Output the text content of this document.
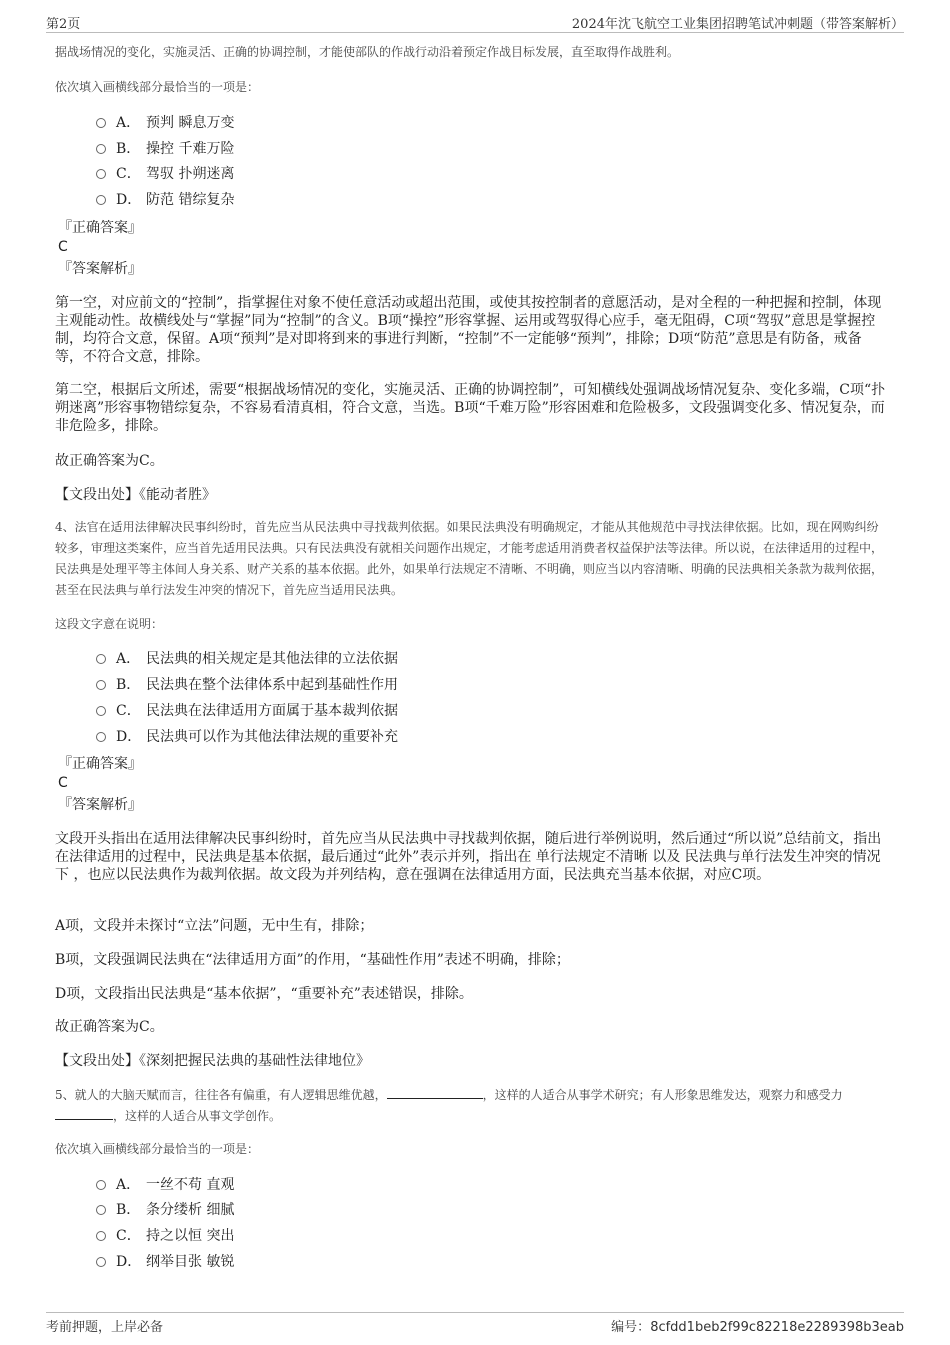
第2页	2024年沈飞航空工业集团招聘笔试冲刺题（带答案解析）
据战场情况的变化，实施灵活、正确的协调控制，才能使部队的作战行动沿着预定作战目标发展，直至取得作战胜利。
依次填入画横线部分最恰当的一项是：
A． 预判 瞬息万变
B． 操控 千难万险
C． 驾驭 扑朔迷离
D． 防范 错综复杂
『正确答案』
C
『答案解析』
第一空，对应前文的“控制”，指掌握住对象不使任意活动或超出范围，或使其按控制者的意愿活动，是对全程的一种把握和控制，体现主观能动性。故横线处与“掌握”同为“控制”的含义。B项“操控”形容掌握、运用或驾驭得心应手，毫无阻碍，C项“驾驭”意思是掌握控制，均符合文意，保留。A项“预判”是对即将到来的事进行判断，“控制”不一定能够“预判”，排除；D项“防范”意思是有防备，戒备等，不符合文意，排除。
第二空，根据后文所述，需要“根据战场情况的变化，实施灵活、正确的协调控制”，可知横线处强调战场情况复杂、变化多端，C项“扑朔迷离”形容事物错综复杂，不容易看清真相，符合文意，当选。B项“千难万险”形容困难和危险极多，文段强调变化多、情况复杂，而非危险多，排除。
故正确答案为C。
【文段出处】《能动者胜》
4、法官在适用法律解决民事纠纷时，首先应当从民法典中寻找裁判依据。如果民法典没有明确规定，才能从其他规范中寻找法律依据。比如，现在网购纠纷较多，审理这类案件，应当首先适用民法典。只有民法典没有就相关问题作出规定，才能考虑适用消费者权益保护法等法律。所以说，在法律适用的过程中，民法典是处理平等主体间人身关系、财产关系的基本依据。此外，如果单行法规定不清晰、不明确，则应当以内容清晰、明确的民法典相关条款为裁判依据，甚至在民法典与单行法发生冲突的情况下，首先应当适用民法典。
这段文字意在说明：
A． 民法典的相关规定是其他法律的立法依据
B． 民法典在整个法律体系中起到基础性作用
C． 民法典在法律适用方面属于基本裁判依据
D． 民法典可以作为其他法律法规的重要补充
『正确答案』
C
『答案解析』
文段开头指出在适用法律解决民事纠纷时，首先应当从民法典中寻找裁判依据，随后进行举例说明，然后通过“所以说”总结前文，指出在法律适用的过程中，民法典是基本依据，最后通过“此外”表示并列，指出在 单行法规定不清晰 以及 民法典与单行法发生冲突的情况下 ，也应以民法典作为裁判依据。故文段为并列结构，意在强调在法律适用方面，民法典充当基本依据，对应C项。
A项，文段并未探讨“立法”问题，无中生有，排除；
B项，文段强调民法典在“法律适用方面”的作用，“基础性作用”表述不明确，排除；
D项，文段指出民法典是“基本依据”，“重要补充”表述错误，排除。
故正确答案为C。
【文段出处】《深刻把握民法典的基础性法律地位》
5、就人的大脑天赋而言，往往各有偏重，有人逻辑思维优越，	，这样的人适合从事学术研究；有人形象思维发达，观察力和感受力，这样的人适合从事文学创作。
依次填入画横线部分最恰当的一项是：
A． 一丝不苟 直观
B． 条分缕析 细腻
C． 持之以恒 突出
D． 纲举目张 敏锐
考前押题，上岸必备	编号：8cfdd1beb2f99c82218e2289398b3eab
